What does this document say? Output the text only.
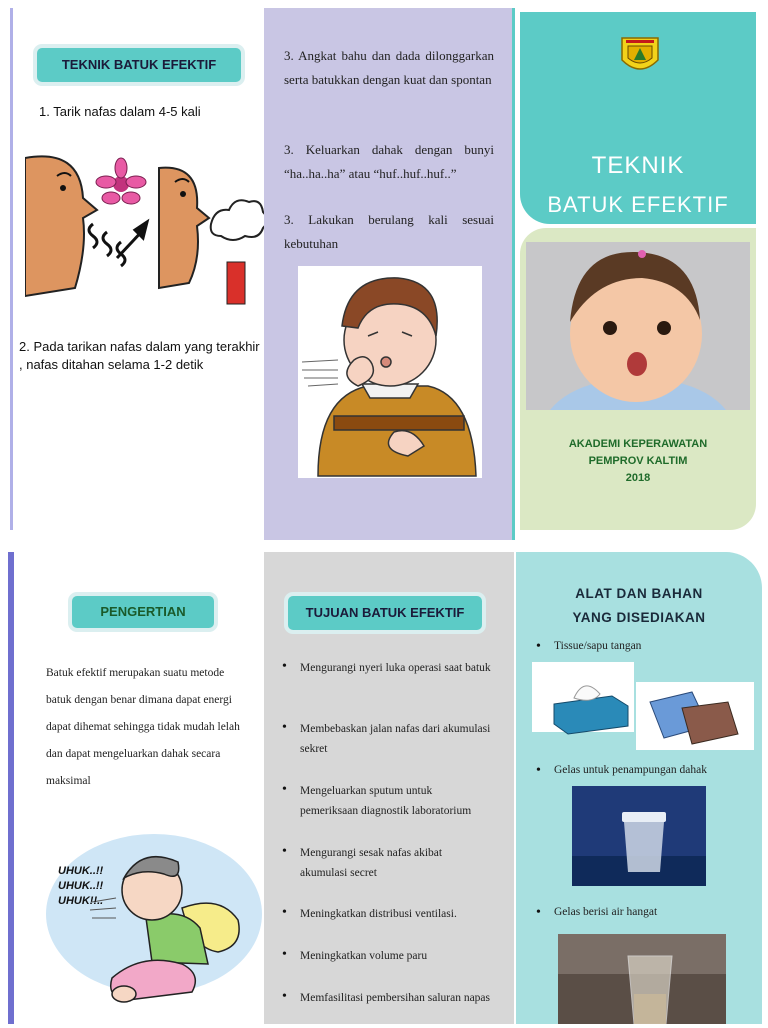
TEKNIK BATUK EFEKTIF
1. Tarik nafas dalam 4-5 kali
2. Pada tarikan nafas dalam yang terakhir , nafas ditahan selama 1-2 detik
3. Angkat bahu dan dada dilonggarkan serta batukkan dengan kuat dan spontan
3. Keluarkan dahak dengan bunyi “ha..ha..ha” atau “huf..huf..huf..”
3. Lakukan berulang kali sesuai kebutuhan
TEKNIK
BATUK EFEKTIF
AKADEMI KEPERAWATAN
PEMPROV KALTIM
2018
PENGERTIAN
Batuk efektif merupakan suatu metode batuk dengan benar dimana dapat energi dapat dihemat sehingga tidak mudah lelah dan dapat mengeluarkan dahak secara maksimal
UHUK..!!
UHUK..!!
UHUK!!..
TUJUAN BATUK EFEKTIF
• Mengurangi nyeri luka operasi saat batuk
• Membebaskan jalan nafas dari akumulasi sekret
• Mengeluarkan sputum untuk pemeriksaan diagnostik laboratorium
• Mengurangi sesak nafas akibat akumulasi secret
• Meningkatkan distribusi ventilasi.
• Meningkatkan volume paru
• Memfasilitasi pembersihan saluran napas
ALAT DAN BAHAN
YANG DISEDIAKAN
• Tissue/sapu tangan
• Gelas untuk penampungan dahak
• Gelas berisi air hangat
